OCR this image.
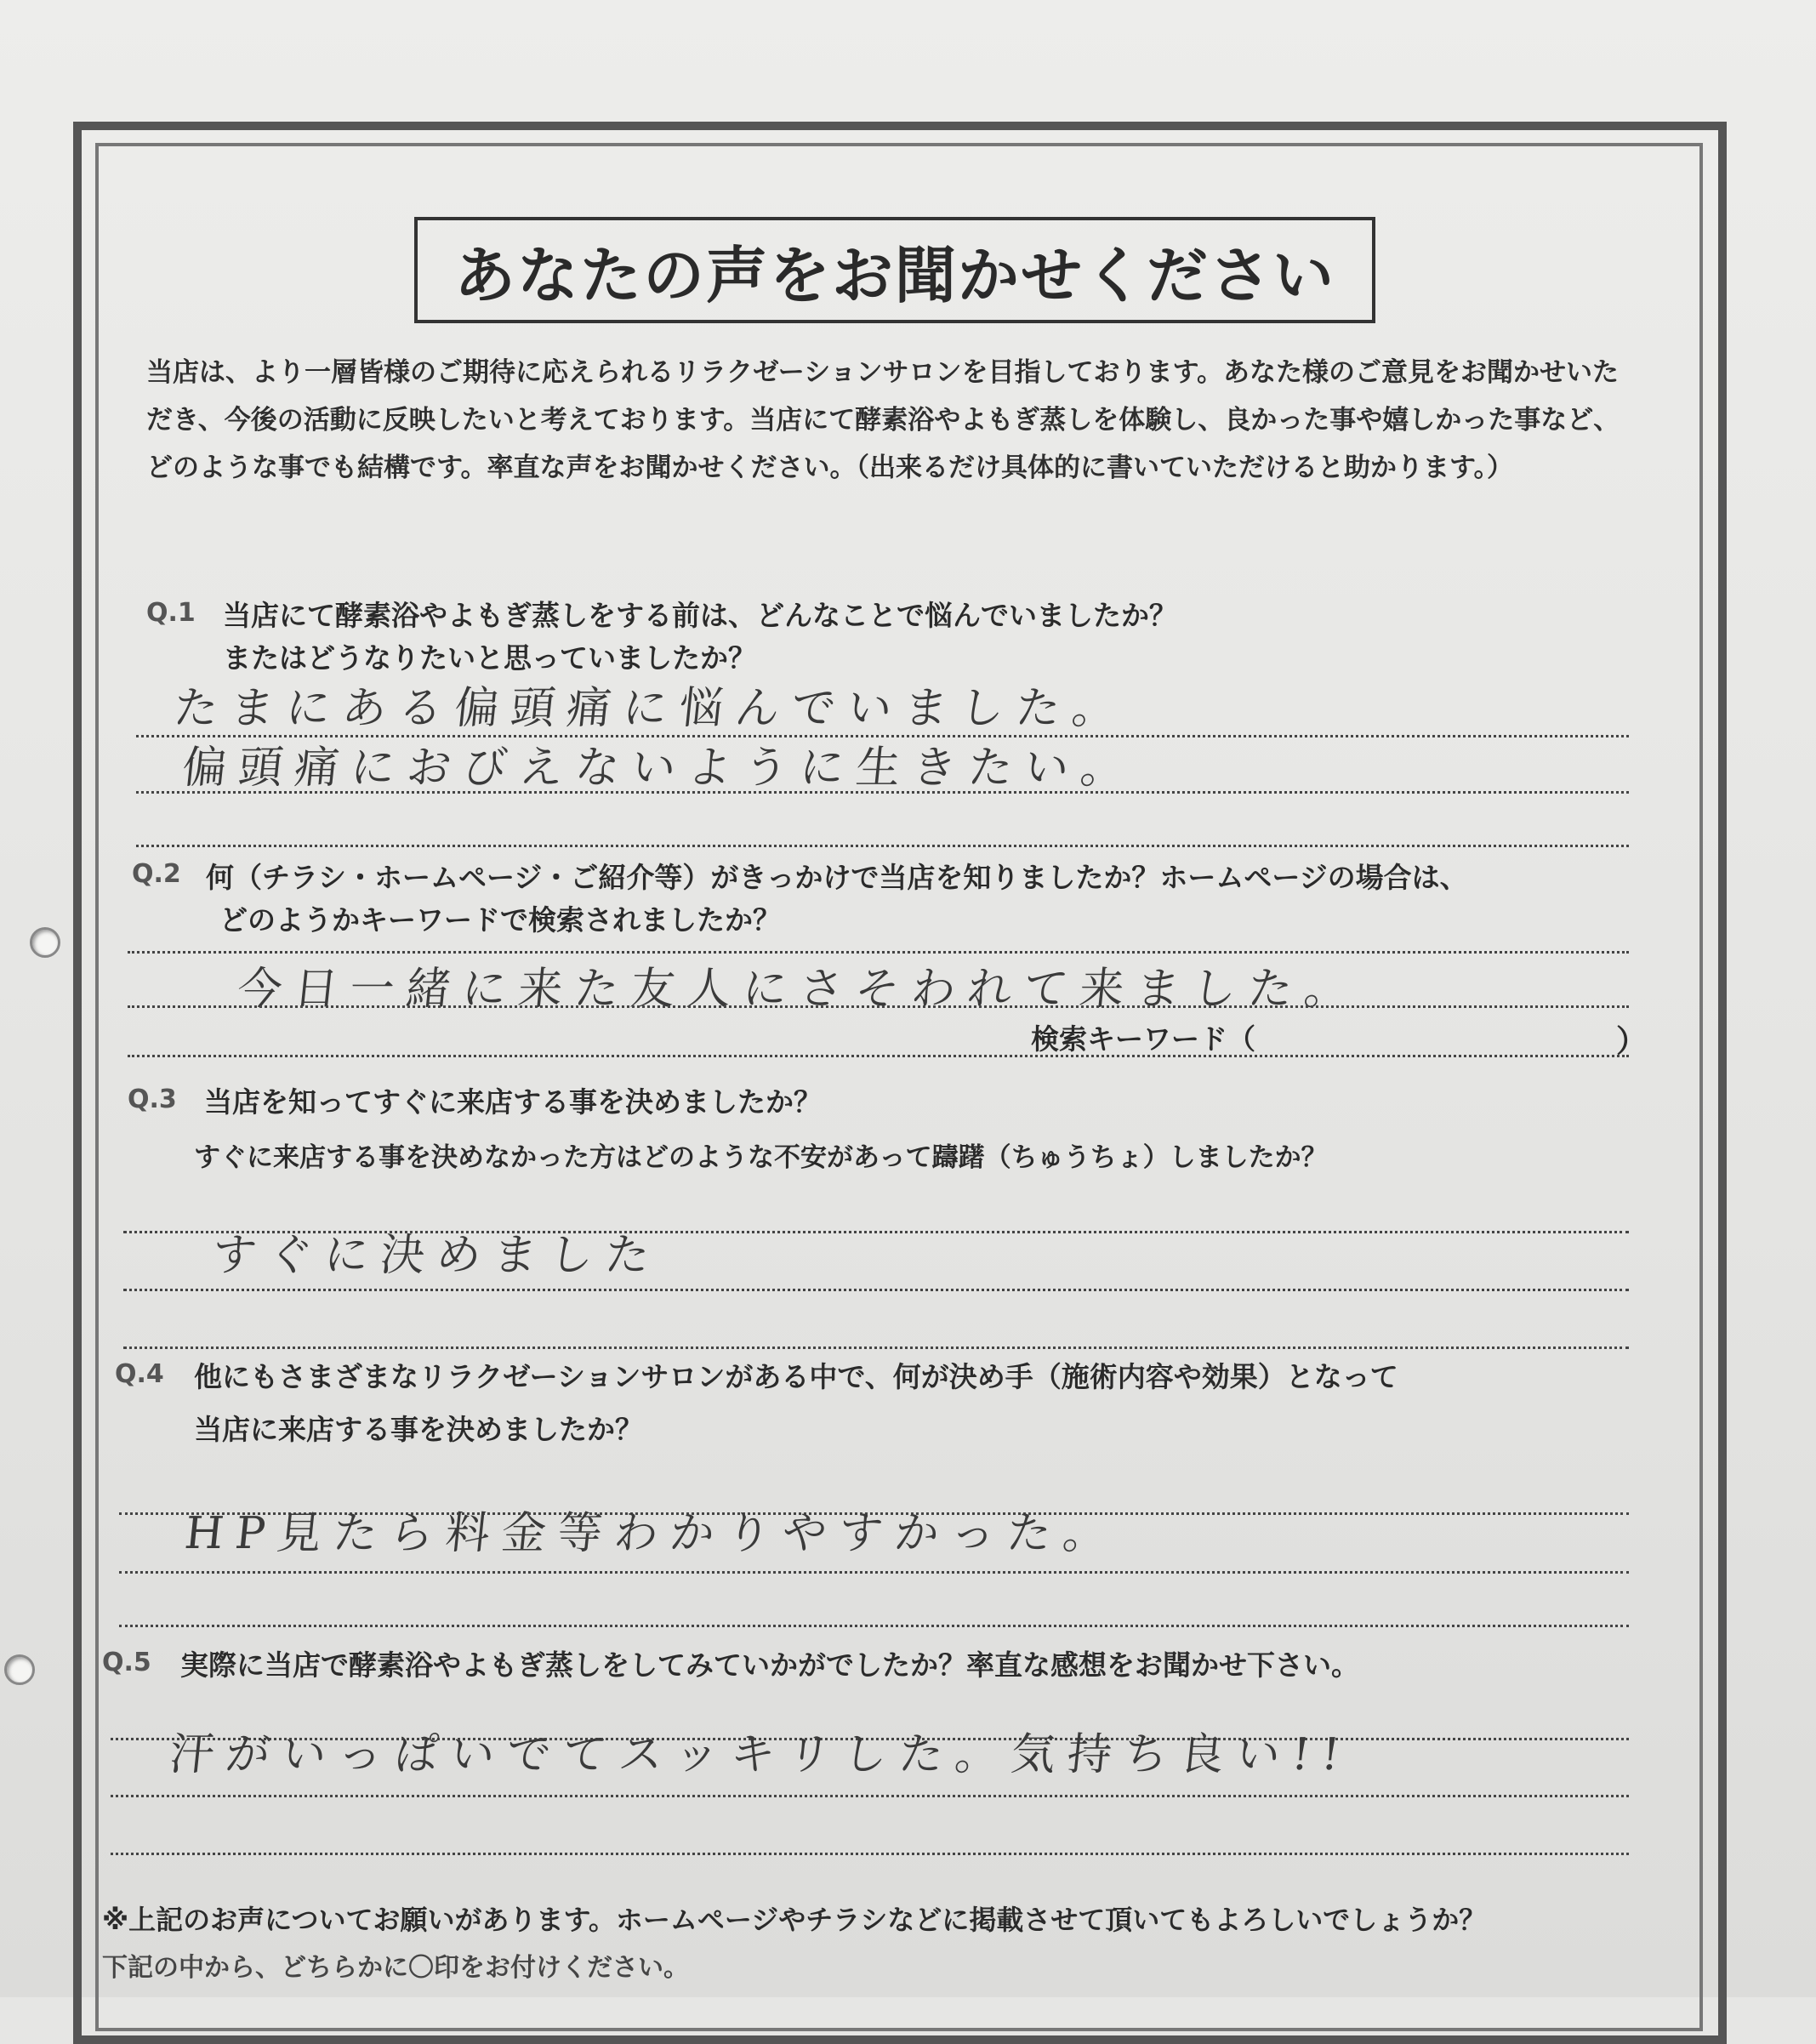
あなたの声をお聞かせください
当店は、より一層皆様のご期待に応えられるリラクゼーションサロンを目指しております。あなた様のご意見をお聞かせいただき、今後の活動に反映したいと考えております。当店にて酵素浴やよもぎ蒸しを体験し、良かった事や嬉しかった事など、どのような事でも結構です。率直な声をお聞かせください。（出来るだけ具体的に書いていただけると助かります。）
Q.1 当店にて酵素浴やよもぎ蒸しをする前は、どんなことで悩んでいましたか？
またはどうなりたいと思っていましたか？
たまにある偏頭痛に悩んでいました。
偏頭痛におびえないように生きたい。
Q.2 何（チラシ・ホームページ・ご紹介等）がきっかけで当店を知りましたか？ホームページの場合は、
どのようかキーワードで検索されましたか？
今日一緒に来た友人にさそわれて来ました。
検索キーワード（	）
Q.3 当店を知ってすぐに来店する事を決めましたか？
すぐに来店する事を決めなかった方はどのような不安があって躊躇（ちゅうちょ）しましたか？
すぐに決めました
Q.4 他にもさまざまなリラクゼーションサロンがある中で、何が決め手（施術内容や効果）となって
当店に来店する事を決めましたか？
HP見たら料金等わかりやすかった。
Q.5 実際に当店で酵素浴やよもぎ蒸しをしてみていかがでしたか？率直な感想をお聞かせ下さい。
汗がいっぱいでてスッキリした。気持ち良い!!
※上記のお声についてお願いがあります。ホームページやチラシなどに掲載させて頂いてもよろしいでしょうか？
下記の中から、どちらかに〇印をお付けください。
